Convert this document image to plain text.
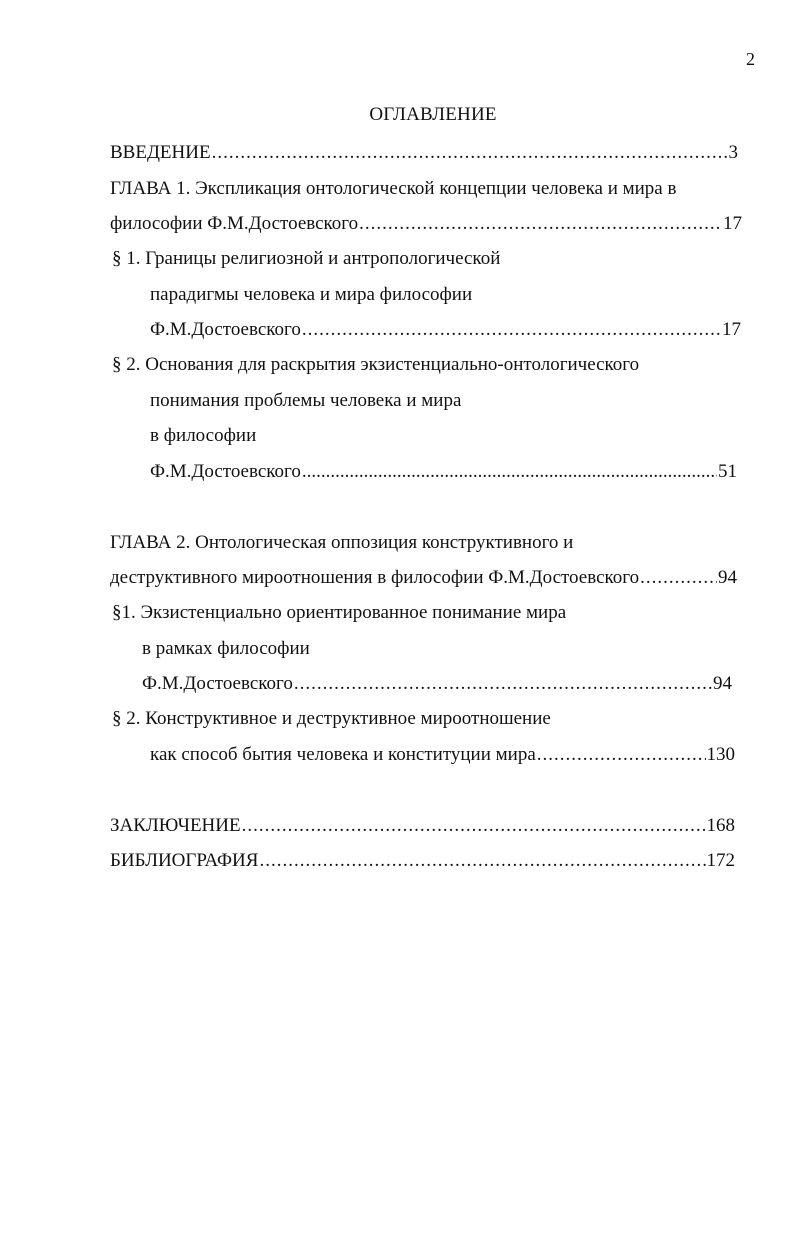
2
ОГЛАВЛЕНИЕ
ВВЕДЕНИЕ .....	3
ГЛАВА 1. Экспликация онтологической концепции человека и мира в
философии Ф.М.Достоевского .....	17
§ 1. Границы религиозной и антропологической
парадигмы человека и мира философии
Ф.М.Достоевского .....	17
§ 2. Основания для раскрытия экзистенциально-онтологического
понимания проблемы человека и мира
в философии
Ф.М.Достоевского .....	51
ГЛАВА 2. Онтологическая оппозиция конструктивного и
деструктивного мироотношения в философии Ф.М.Достоевского .....	94
§1. Экзистенциально ориентированное понимание мира
в рамках философии
Ф.М.Достоевского .....	94
§ 2. Конструктивное и деструктивное мироотношение
как способ бытия человека и конституции мира .....	130
ЗАКЛЮЧЕНИЕ .....	168
БИБЛИОГРАФИЯ .....	172
